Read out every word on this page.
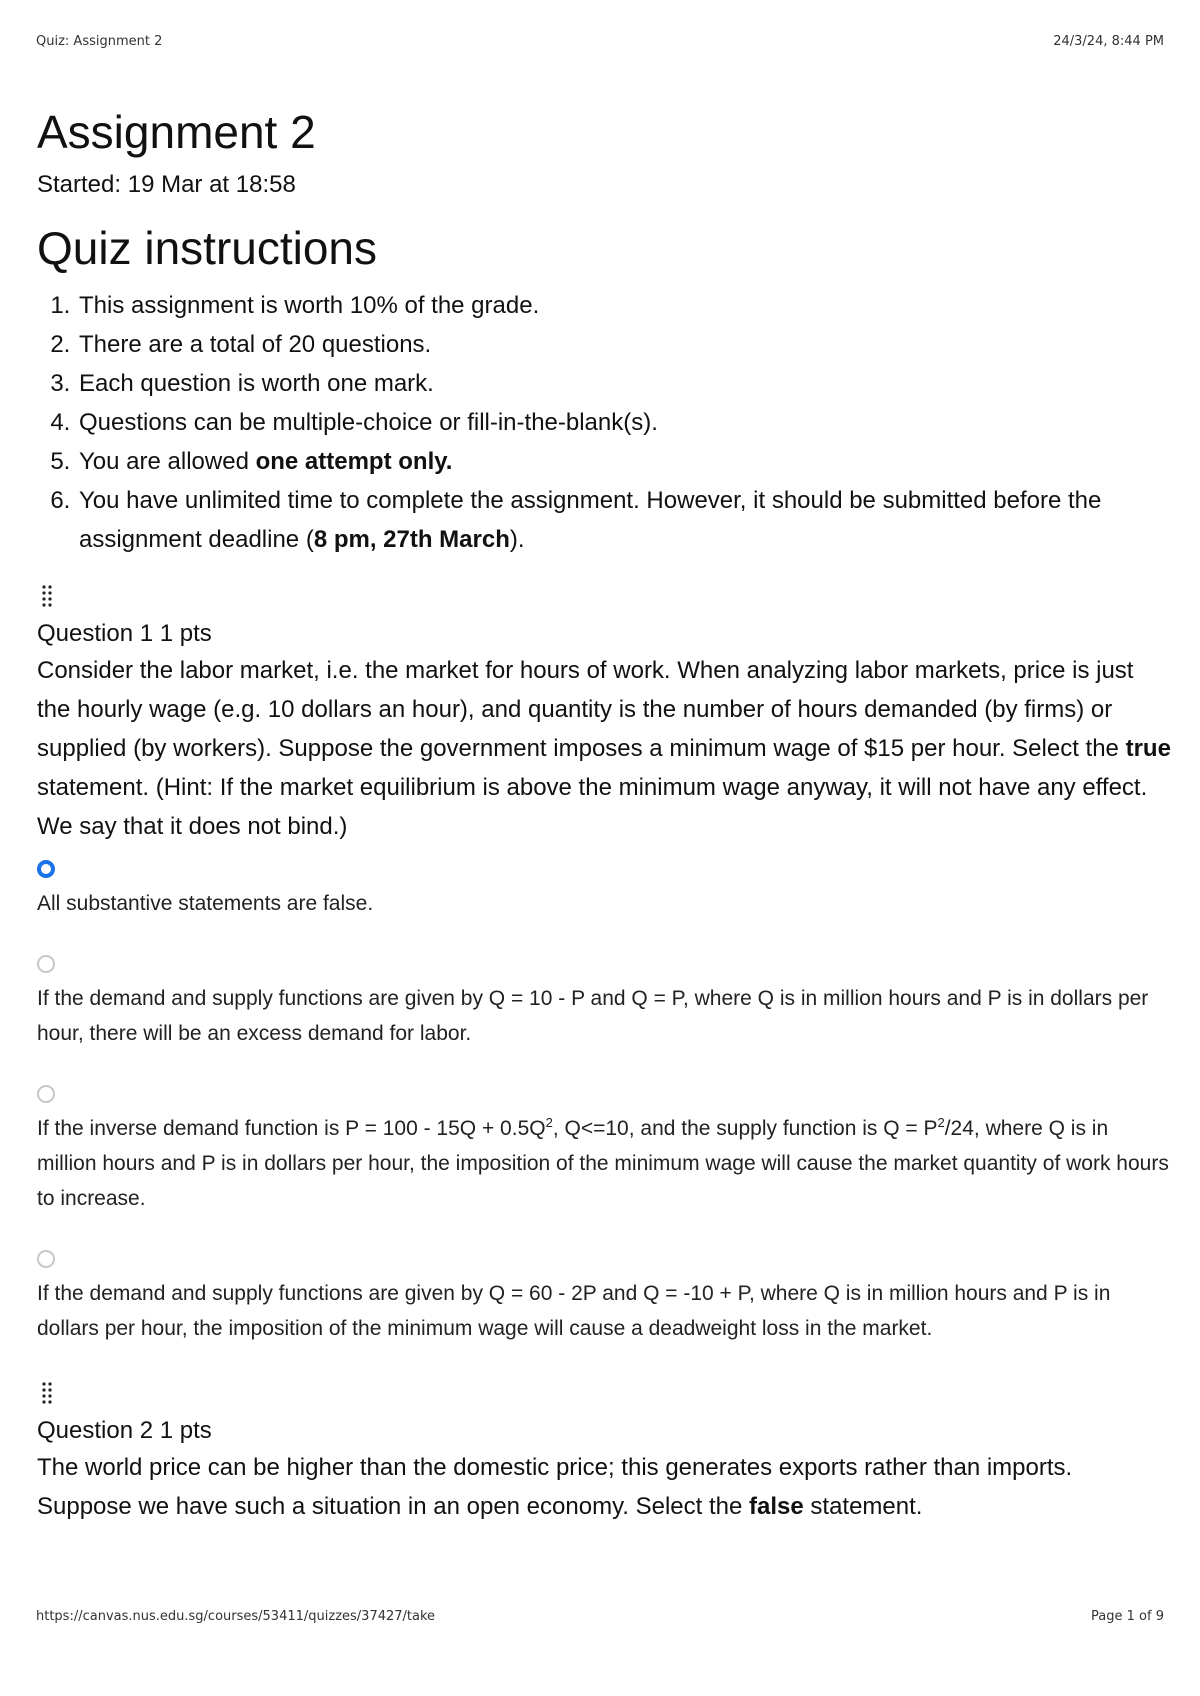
Quiz: Assignment 2	24/3/24, 8:44 PM
Assignment 2
Started: 19 Mar at 18:58
Quiz instructions
1. This assignment is worth 10% of the grade.
2. There are a total of 20 questions.
3. Each question is worth one mark.
4. Questions can be multiple-choice or fill-in-the-blank(s).
5. You are allowed one attempt only.
6. You have unlimited time to complete the assignment. However, it should be submitted before the assignment deadline (8 pm, 27th March).
Question 1 1 pts
Consider the labor market, i.e. the market for hours of work. When analyzing labor markets, price is just the hourly wage (e.g. 10 dollars an hour), and quantity is the number of hours demanded (by firms) or supplied (by workers). Suppose the government imposes a minimum wage of $15 per hour. Select the true statement. (Hint: If the market equilibrium is above the minimum wage anyway, it will not have any effect. We say that it does not bind.)
All substantive statements are false.
If the demand and supply functions are given by Q = 10 - P and Q = P, where Q is in million hours and P is in dollars per hour, there will be an excess demand for labor.
If the inverse demand function is $P = 100 - 15Q + 0.5Q^2$, Q<=10, and the supply function is $Q = P^2/24$, where Q is in million hours and P is in dollars per hour, the imposition of the minimum wage will cause the market quantity of work hours to increase.
If the demand and supply functions are given by Q = 60 - 2P and Q = -10 + P, where Q is in million hours and P is in dollars per hour, the imposition of the minimum wage will cause a deadweight loss in the market.
Question 2 1 pts
The world price can be higher than the domestic price; this generates exports rather than imports. Suppose we have such a situation in an open economy. Select the false statement.
https://canvas.nus.edu.sg/courses/53411/quizzes/37427/take	Page 1 of 9
